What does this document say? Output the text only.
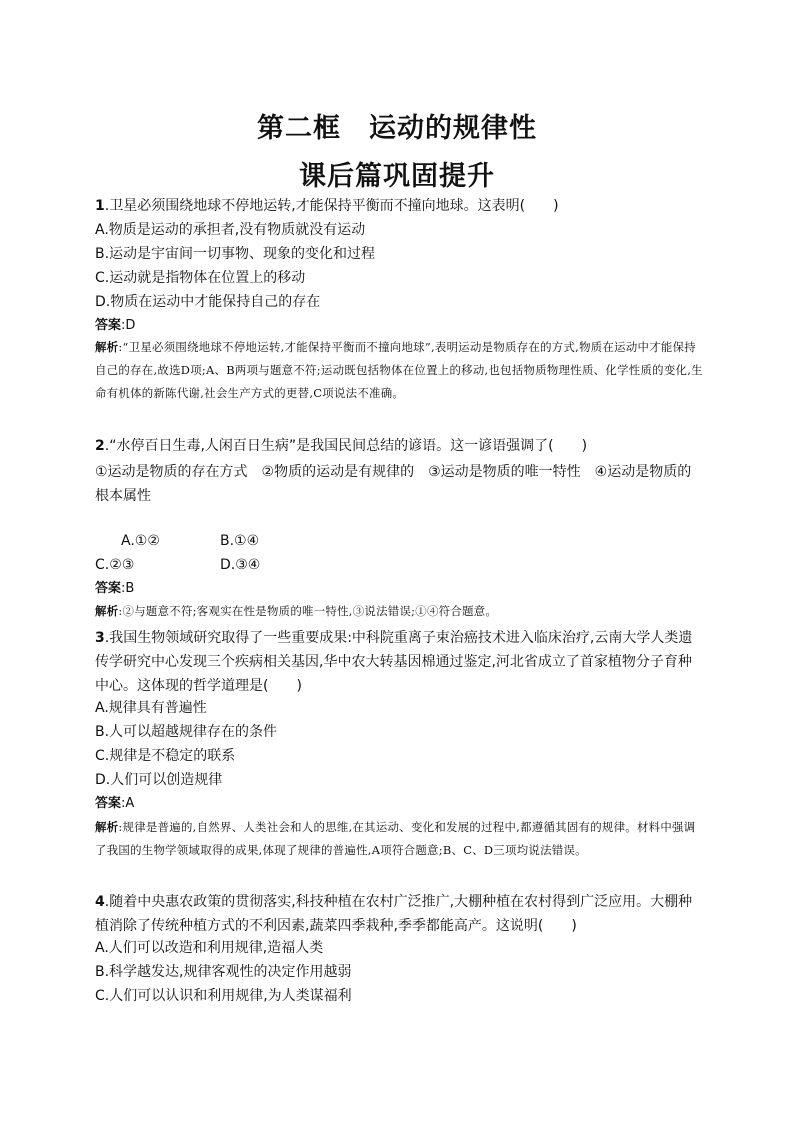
第二框　运动的规律性
课后篇巩固提升
1.卫星必须围绕地球不停地运转,才能保持平衡而不撞向地球。这表明(　　)
A.物质是运动的承担者,没有物质就没有运动
B.运动是宇宙间一切事物、现象的变化和过程
C.运动就是指物体在位置上的移动
D.物质在运动中才能保持自己的存在
答案:D
解析:“卫星必须围绕地球不停地运转,才能保持平衡而不撞向地球”,表明运动是物质存在的方式,物质在运动中才能保持自己的存在,故选D项;A、B两项与题意不符;运动既包括物体在位置上的移动,也包括物质物理性质、化学性质的变化,生命有机体的新陈代谢,社会生产方式的更替,C项说法不准确。
2.“水停百日生毒,人闲百日生病”是我国民间总结的谚语。这一谚语强调了(　　)
①运动是物质的存在方式　②物质的运动是有规律的　③运动是物质的唯一特性　④运动是物质的根本属性
A.①②	B.①④
C.②③	D.③④
答案:B
解析:②与题意不符;客观实在性是物质的唯一特性,③说法错误;①④符合题意。
3.我国生物领域研究取得了一些重要成果:中科院重离子束治癌技术进入临床治疗,云南大学人类遗传学研究中心发现三个疾病相关基因,华中农大转基因棉通过鉴定,河北省成立了首家植物分子育种中心。这体现的哲学道理是(　　)
A.规律具有普遍性
B.人可以超越规律存在的条件
C.规律是不稳定的联系
D.人们可以创造规律
答案:A
解析:规律是普遍的,自然界、人类社会和人的思维,在其运动、变化和发展的过程中,都遵循其固有的规律。材料中强调了我国的生物学领域取得的成果,体现了规律的普遍性,A项符合题意;B、C、D三项均说法错误。
4.随着中央惠农政策的贯彻落实,科技种植在农村广泛推广,大棚种植在农村得到广泛应用。大棚种植消除了传统种植方式的不利因素,蔬菜四季栽种,季季都能高产。这说明(　　)
A.人们可以改造和利用规律,造福人类
B.科学越发达,规律客观性的决定作用越弱
C.人们可以认识和利用规律,为人类谋福利
